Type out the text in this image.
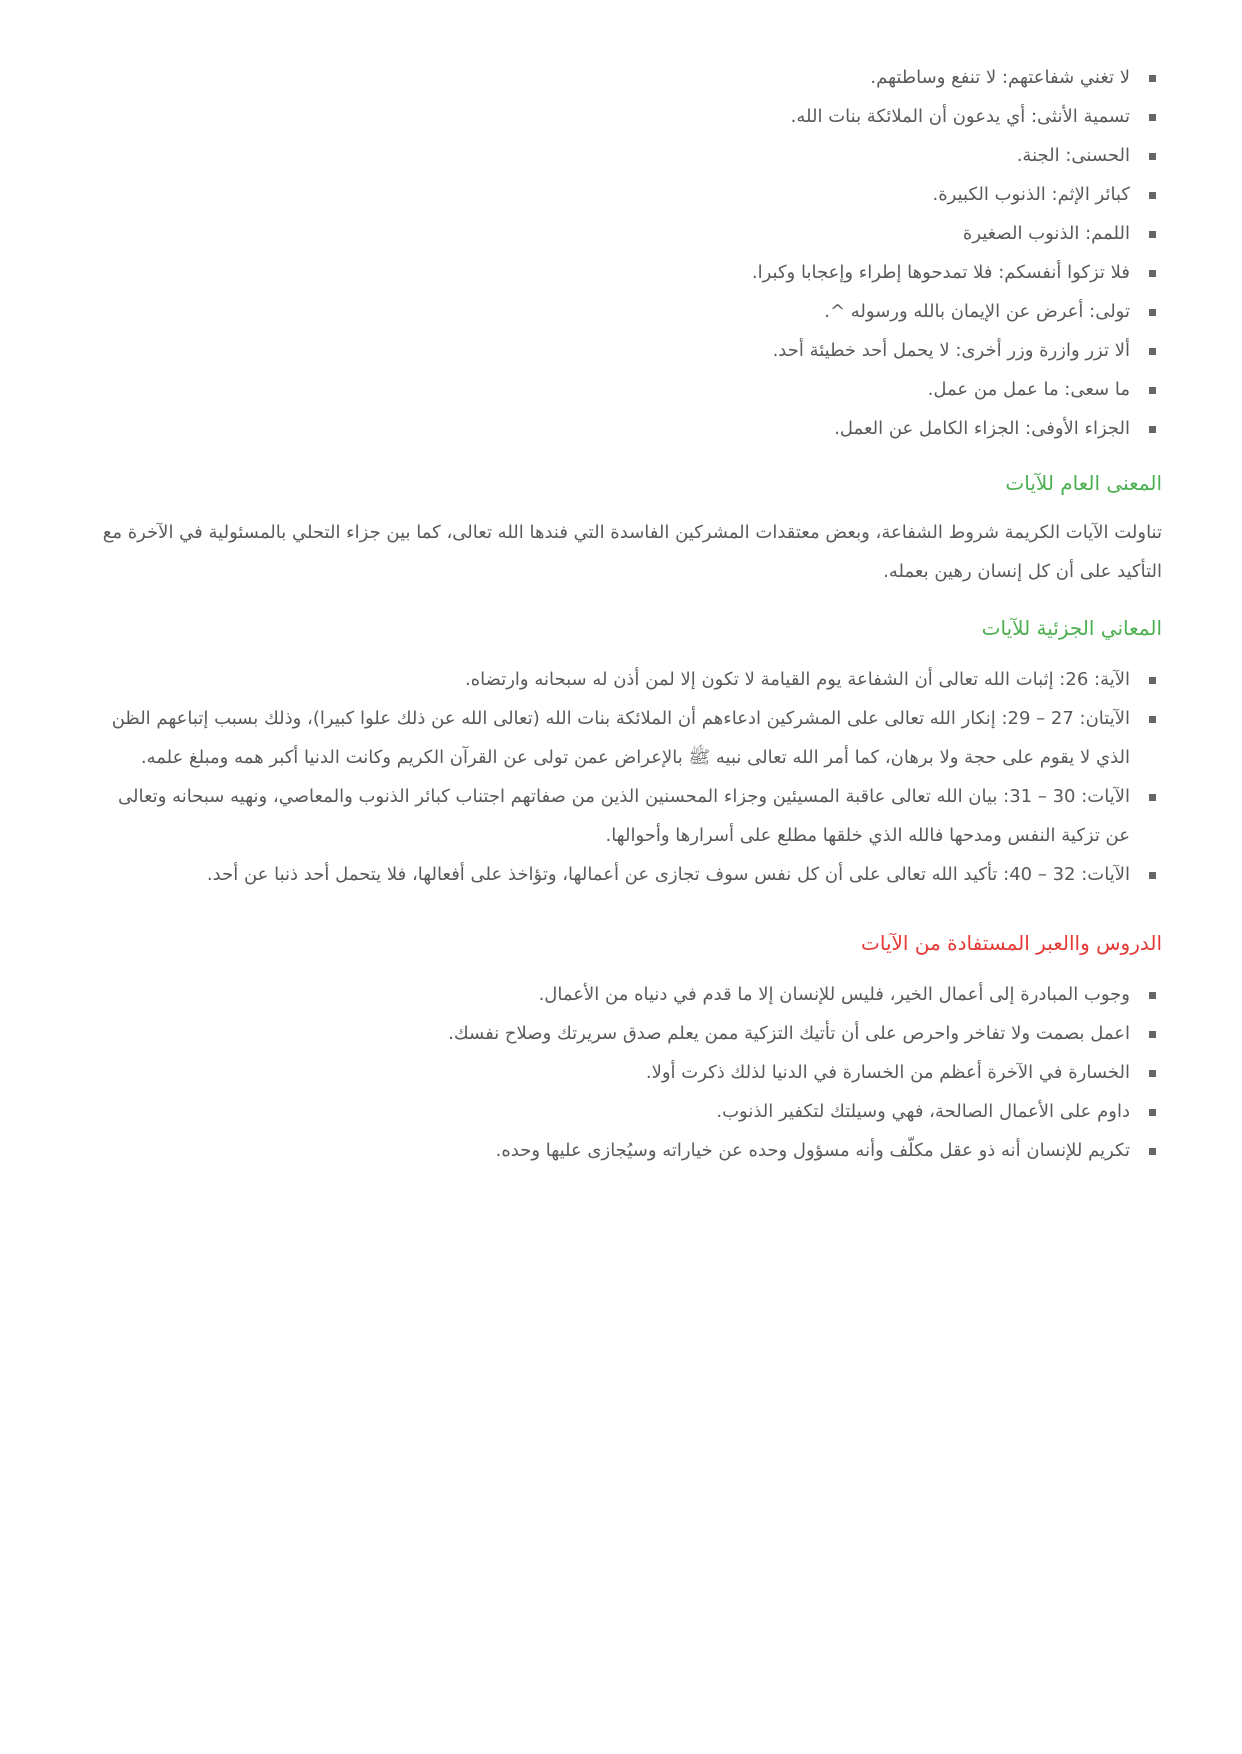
لا تغني شفاعتهم: لا تنفع وساطتهم.
تسمية الأنثى: أي يدعون أن الملائكة بنات الله.
الحسنى: الجنة.
كبائر الإثم: الذنوب الكبيرة.
اللمم: الذنوب الصغيرة
فلا تزكوا أنفسكم: فلا تمدحوها إطراء وإعجابا وكبرا.
تولى: أعرض عن الإيمان بالله ورسوله ^.
ألا تزر وازرة وزر أخرى: لا يحمل أحد خطيئة أحد.
ما سعى: ما عمل من عمل.
الجزاء الأوفى: الجزاء الكامل عن العمل.
المعنى العام للآيات

تناولت الآيات الكريمة شروط الشفاعة، وبعض معتقدات المشركين الفاسدة التي فندها الله تعالى، كما بين جزاء التحلي بالمسئولية في الآخرة مع التأكيد على أن كل إنسان رهين بعمله.

المعاني الجزئية للآيات
الآية: 26: إثبات الله تعالى أن الشفاعة يوم القيامة لا تكون إلا لمن أذن له سبحانه وارتضاه.
الآيتان: 27 – 29: إنكار الله تعالى على المشركين ادعاءهم أن الملائكة بنات الله (تعالى الله عن ذلك علوا كبيرا)، وذلك بسبب إتباعهم الظن الذي لا يقوم على حجة ولا برهان، كما أمر الله تعالى نبيه ﷺ بالإعراض عمن تولى عن القرآن الكريم وكانت الدنيا أكبر همه ومبلغ علمه.
الآيات: 30 – 31: بيان الله تعالى عاقبة المسيئين وجزاء المحسنين الذين من صفاتهم اجتناب كبائر الذنوب والمعاصي، ونهيه سبحانه وتعالى عن تزكية النفس ومدحها فالله الذي خلقها مطلع على أسرارها وأحوالها.
الآيات: 32 – 40: تأكيد الله تعالى على أن كل نفس سوف تجازى عن أعمالها، وتؤاخذ على أفعالها، فلا يتحمل أحد ذنبا عن أحد.
الدروس واالعبر المستفادة من الآيات
وجوب المبادرة إلى أعمال الخير، فليس للإنسان إلا ما قدم في دنياه من الأعمال.
اعمل بصمت ولا تفاخر واحرص على أن تأتيك التزكية ممن يعلم صدق سريرتك وصلاح نفسك.
الخسارة في الآخرة أعظم من الخسارة في الدنيا لذلك ذكرت أولا.
داوم على الأعمال الصالحة، فهي وسيلتك لتكفير الذنوب.
تكريم للإنسان أنه ذو عقل مكلّف وأنه مسؤول وحده عن خياراته وسيُجازى عليها وحده.
